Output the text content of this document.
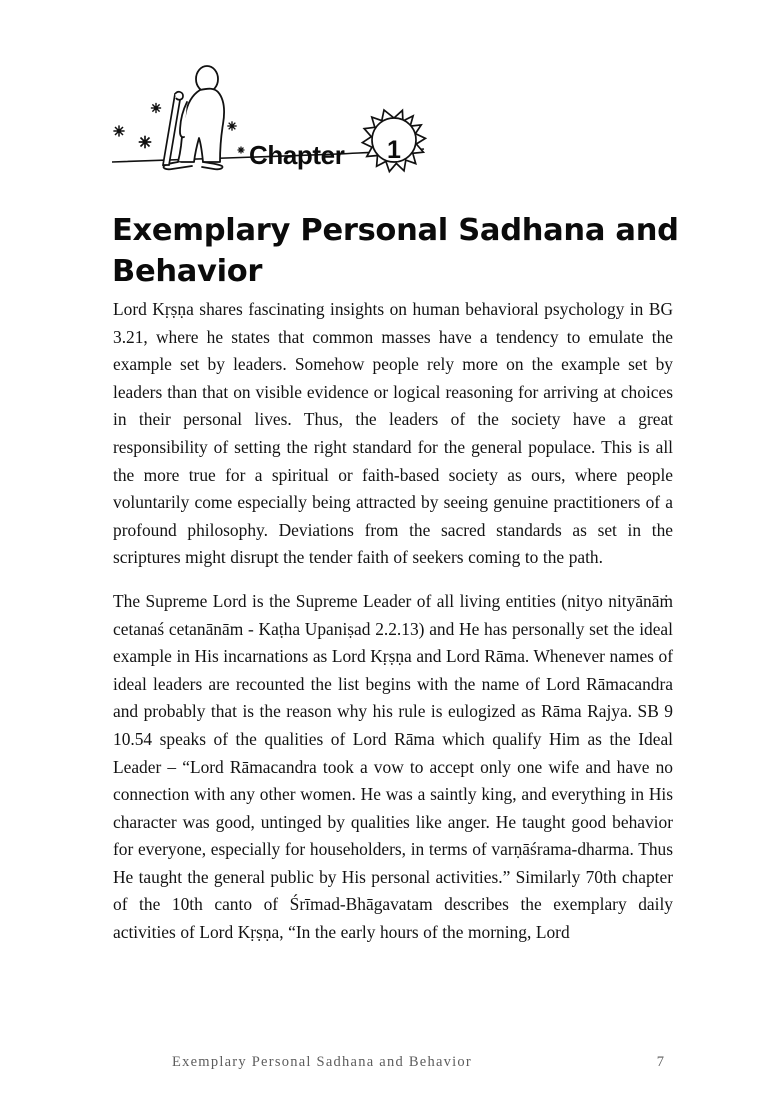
Chapter	1
Exemplary Personal Sadhana and Behavior

Lord Kṛṣṇa shares fascinating insights on human behavioral psychology in BG 3.21, where he states that common masses have a tendency to emulate the example set by leaders. Somehow people rely more on the example set by leaders than that on visible evidence or logical reasoning for arriving at choices in their personal lives. Thus, the leaders of the society have a great responsibility of setting the right standard for the general populace. This is all the more true for a spiritual or faith-based society as ours, where people voluntarily come especially being attracted by seeing genuine practitioners of a profound philosophy. Deviations from the sacred standards as set in the scriptures might disrupt the tender faith of seekers coming to the path.

The Supreme Lord is the Supreme Leader of all living entities (nityo nityānāṁ cetanaś cetanānām - Kaṭha Upaniṣad 2.2.13) and He has personally set the ideal example in His incarnations as Lord Kṛṣṇa and Lord Rāma. Whenever names of ideal leaders are recounted the list begins with the name of Lord Rāmacandra and probably that is the reason why his rule is eulogized as Rāma Rajya. SB 9 10.54 speaks of the qualities of Lord Rāma which qualify Him as the Ideal Leader – “Lord Rāmacandra took a vow to accept only one wife and have no connection with any other women. He was a saintly king, and everything in His character was good, untinged by qualities like anger. He taught good behavior for everyone, especially for householders, in terms of varṇāśrama-dharma. Thus He taught the general public by His personal activities.” Similarly 70th chapter of the 10th canto of Śrīmad-Bhāgavatam describes the exemplary daily activities of Lord Kṛṣṇa, “In the early hours of the morning, Lord

Exemplary Personal Sadhana and Behavior	7
